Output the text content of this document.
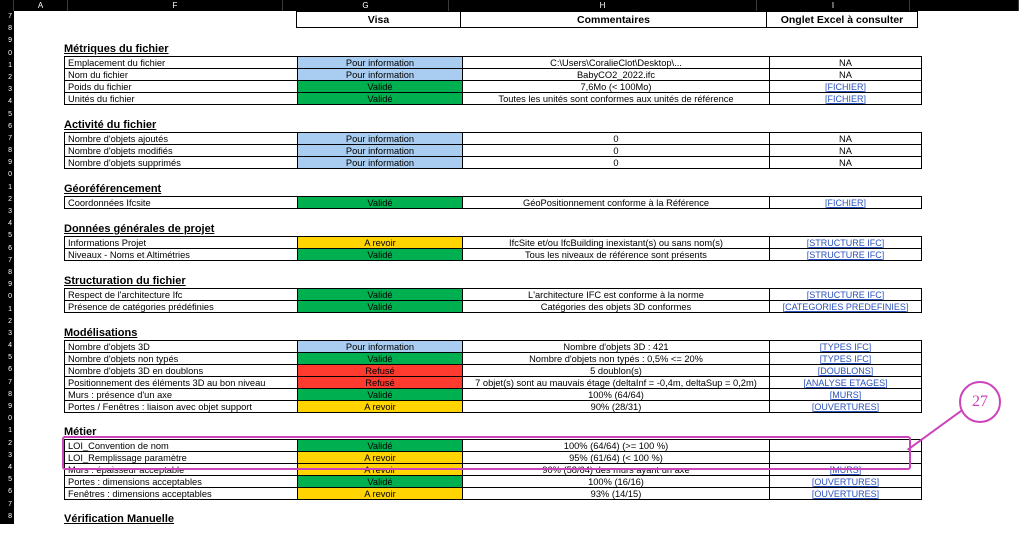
A	F	G	H	I
7
8
9
0
1
2
3
4
5
6
7
8
9
0
1
2
3
4
5
6
7
8
9
0
1
2
3
4
5
6
7
8
9
0
1
2
3
4
5
6
7
8
9
Visa	Commentaires	Onglet Excel à consulter
Métriques du fichier
Emplacement du fichier	Pour information	C:\Users\CoralieClot\Desktop\...	NA
Nom du fichier	Pour information	BabyCO2_2022.ifc	NA
Poids du fichier	Validé	7,6Mo (< 100Mo)	[FICHIER]
Unités du fichier	Validé	Toutes les unités sont conformes aux unités de référence	[FICHIER]
Activité du fichier
Nombre d'objets ajoutés	Pour information	0	NA
Nombre d'objets modifiés	Pour information	0	NA
Nombre d'objets supprimés	Pour information	0	NA
Géoréférencement
Coordonnées Ifcsite	Validé	GéoPositionnement conforme à la Référence	[FICHIER]
Données générales de projet
Informations Projet	A revoir	IfcSite et/ou IfcBuilding inexistant(s) ou sans nom(s)	[STRUCTURE IFC]
Niveaux - Noms et Altimétries	Validé	Tous les niveaux de référence sont présents	[STRUCTURE IFC]
Structuration du fichier
Respect de l'architecture Ifc	Validé	L'architecture IFC est conforme à la norme	[STRUCTURE IFC]
Présence de catégories prédéfinies	Validé	Catégories des objets 3D conformes	[CATEGORIES PREDEFINIES]
Modélisations
Nombre d'objets 3D	Pour information	Nombre d'objets 3D : 421	[TYPES IFC]
Nombre d'objets non typés	Validé	Nombre d'objets non typés : 0,5% <= 20%	[TYPES IFC]
Nombre d'objets 3D en doublons	Refusé	5 doublon(s)	[DOUBLONS]
Positionnement des éléments 3D au bon niveau	Refusé	7 objet(s) sont au mauvais étage (deltaInf = -0,4m, deltaSup = 0,2m)	[ANALYSE ETAGES]
Murs : présence d'un axe	Validé	100% (64/64)	[MURS]
Portes / Fenêtres : liaison avec objet support	A revoir	90% (28/31)	[OUVERTURES]
Métier
LOI_Convention de nom	Validé	100% (64/64) (>= 100 %)	
LOI_Remplissage paramètre	A revoir	95% (61/64) (< 100 %)	
Murs : épaisseur acceptable	A revoir	90% (58/64) des murs ayant un axe	[MURS]
Portes : dimensions acceptables	Validé	100% (16/16)	[OUVERTURES]
Fenêtres : dimensions acceptables	A revoir	93% (14/15)	[OUVERTURES]
Vérification Manuelle
27
